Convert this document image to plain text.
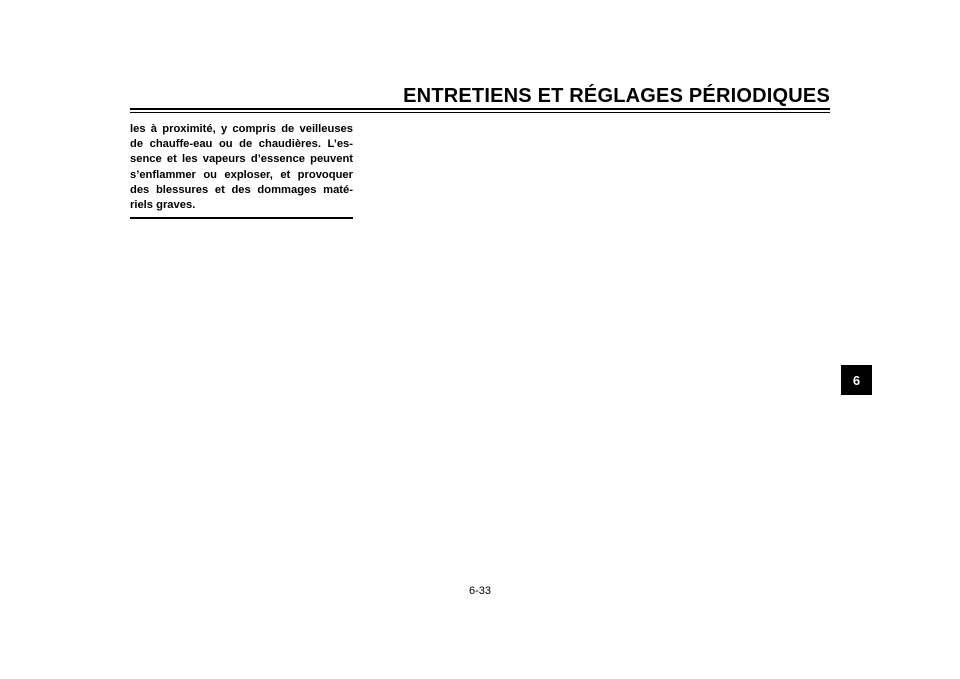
ENTRETIENS ET RÉGLAGES PÉRIODIQUES

les à proximité, y compris de veilleuses
de chauffe-eau ou de chaudières. L’es-
sence et les vapeurs d’essence peuvent
s’enflammer ou exploser, et provoquer
des blessures et des dommages maté-
riels graves.

6
6-33
